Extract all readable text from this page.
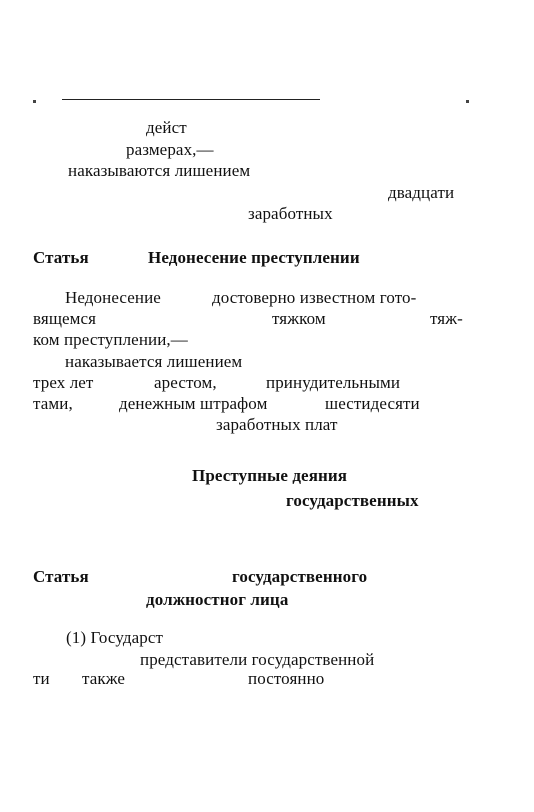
дейст
размерах,—
наказываются лишением
двадцати
заработных
Статья	Недонесение преступлении
Недонесение	достоверно известном гото-
вящемся	тяжком	тяж-
ком преступлении,—
наказывается лишением
трех лет	арестом,	принудительными
тами,	денежным штрафом	шестидесяти
заработных плат
Преступные деяния
государственных
Статья	государственного
должностног лица
(1) Государст
представители государственной
ти также	постоянно
